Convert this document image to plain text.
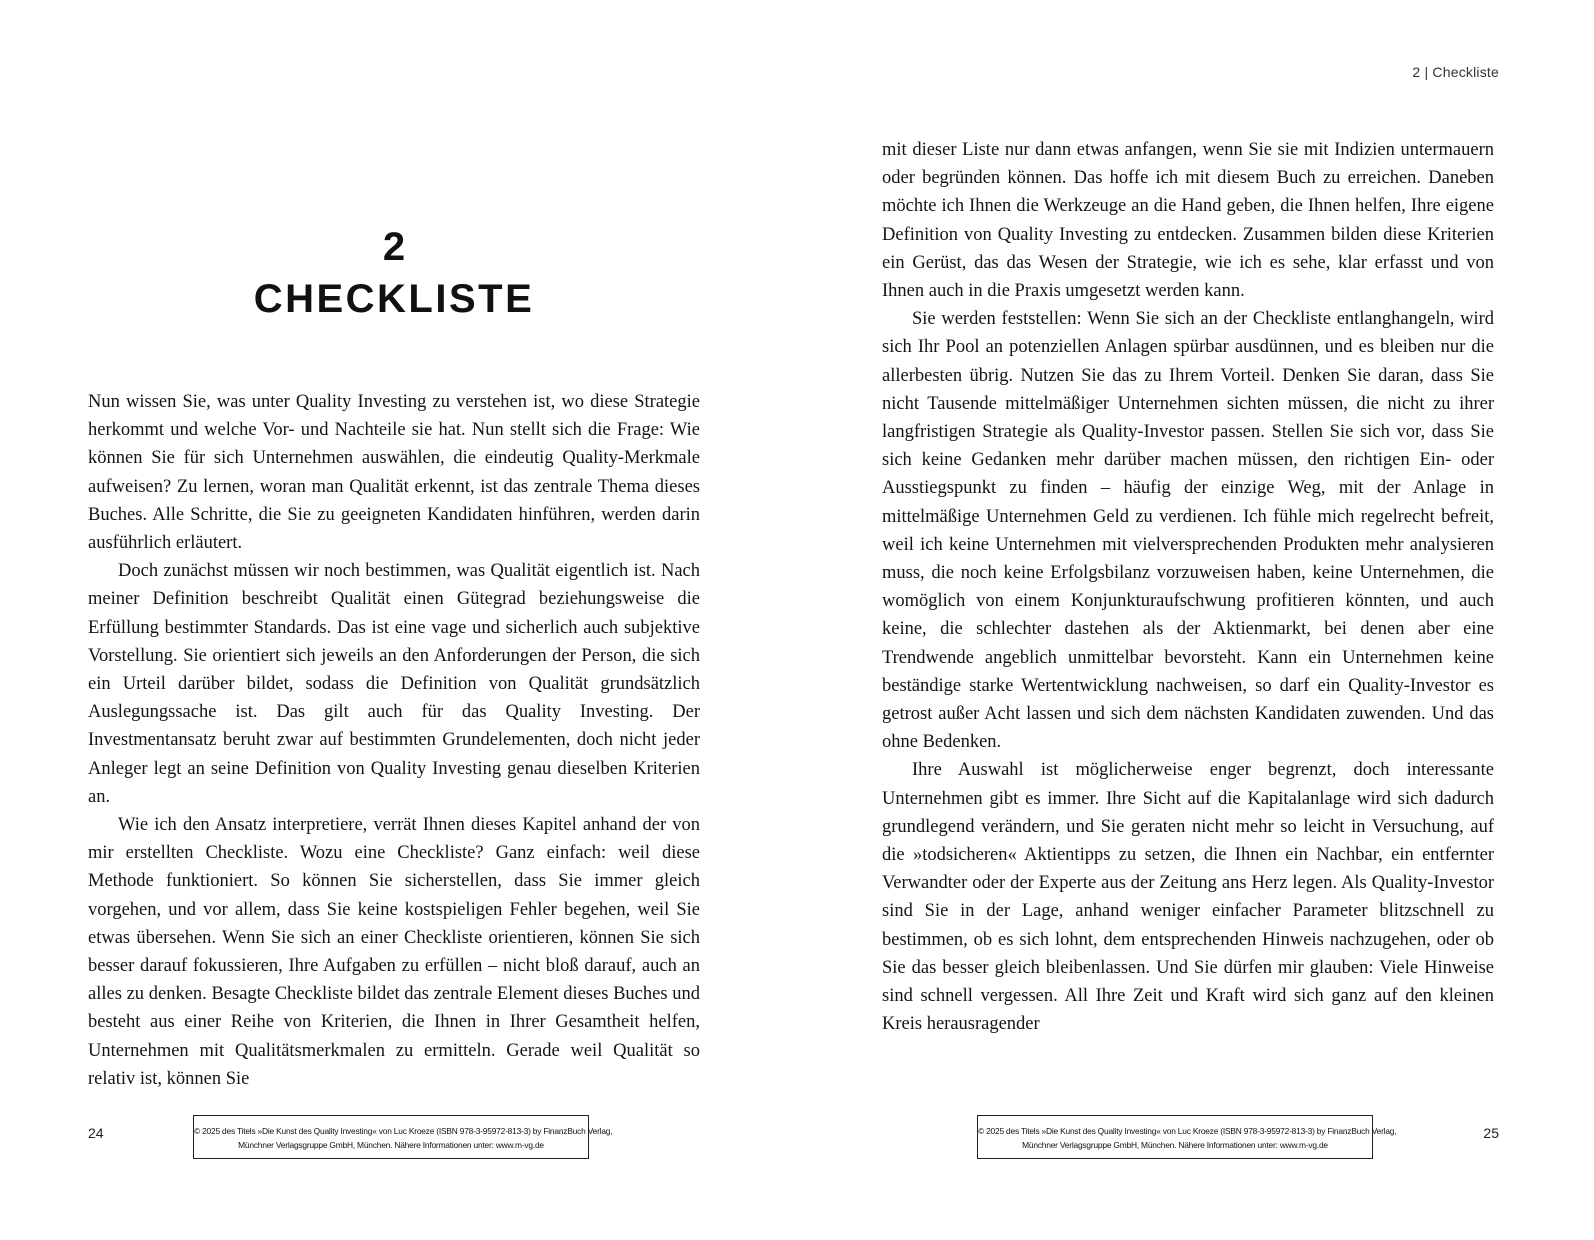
2
CHECKLISTE

Nun wissen Sie, was unter Quality Investing zu verstehen ist, wo diese Strategie herkommt und welche Vor- und Nachteile sie hat. Nun stellt sich die Frage: Wie können Sie für sich Unternehmen auswählen, die eindeutig Quality-Merkmale aufweisen? Zu lernen, woran man Qualität erkennt, ist das zentrale Thema dieses Buches. Alle Schritte, die Sie zu geeigneten Kandidaten hinführen, werden darin ausführlich erläutert.

Doch zunächst müssen wir noch bestimmen, was Qualität eigentlich ist. Nach meiner Definition beschreibt Qualität einen Gütegrad beziehungsweise die Erfüllung bestimmter Standards. Das ist eine vage und sicherlich auch subjektive Vorstellung. Sie orientiert sich jeweils an den Anforderungen der Person, die sich ein Urteil darüber bildet, sodass die Definition von Qualität grundsätzlich Auslegungssache ist. Das gilt auch für das Quality Investing. Der Investmentansatz beruht zwar auf bestimmten Grundelementen, doch nicht jeder Anleger legt an seine Definition von Quality Investing genau dieselben Kriterien an.

Wie ich den Ansatz interpretiere, verrät Ihnen dieses Kapitel anhand der von mir erstellten Checkliste. Wozu eine Checkliste? Ganz einfach: weil diese Methode funktioniert. So können Sie sicherstellen, dass Sie immer gleich vorgehen, und vor allem, dass Sie keine kostspieligen Fehler begehen, weil Sie etwas übersehen. Wenn Sie sich an einer Checkliste orientieren, können Sie sich besser darauf fokussieren, Ihre Aufgaben zu erfüllen – nicht bloß darauf, auch an alles zu denken. Besagte Checkliste bildet das zentrale Element dieses Buches und besteht aus einer Reihe von Kriterien, die Ihnen in Ihrer Gesamtheit helfen, Unternehmen mit Qualitätsmerkmalen zu ermitteln. Gerade weil Qualität so relativ ist, können Sie

24	© 2025 des Titels »Die Kunst des Quality Investing« von Luc Kroeze (ISBN 978-3-95972-813-3) by FinanzBuch Verlag,
Münchner Verlagsgruppe GmbH, München. Nähere Informationen unter: www.m-vg.de
2 | Checkliste

mit dieser Liste nur dann etwas anfangen, wenn Sie sie mit Indizien untermauern oder begründen können. Das hoffe ich mit diesem Buch zu erreichen. Daneben möchte ich Ihnen die Werkzeuge an die Hand geben, die Ihnen helfen, Ihre eigene Definition von Quality Investing zu entdecken. Zusammen bilden diese Kriterien ein Gerüst, das das Wesen der Strategie, wie ich es sehe, klar erfasst und von Ihnen auch in die Praxis umgesetzt werden kann.

Sie werden feststellen: Wenn Sie sich an der Checkliste entlanghangeln, wird sich Ihr Pool an potenziellen Anlagen spürbar ausdünnen, und es bleiben nur die allerbesten übrig. Nutzen Sie das zu Ihrem Vorteil. Denken Sie daran, dass Sie nicht Tausende mittelmäßiger Unternehmen sichten müssen, die nicht zu ihrer langfristigen Strategie als Quality-Investor passen. Stellen Sie sich vor, dass Sie sich keine Gedanken mehr darüber machen müssen, den richtigen Ein- oder Ausstiegspunkt zu finden – häufig der einzige Weg, mit der Anlage in mittelmäßige Unternehmen Geld zu verdienen. Ich fühle mich regelrecht befreit, weil ich keine Unternehmen mit vielversprechenden Produkten mehr analysieren muss, die noch keine Erfolgsbilanz vorzuweisen haben, keine Unternehmen, die womöglich von einem Konjunkturaufschwung profitieren könnten, und auch keine, die schlechter dastehen als der Aktienmarkt, bei denen aber eine Trendwende angeblich unmittelbar bevorsteht. Kann ein Unternehmen keine beständige starke Wertentwicklung nachweisen, so darf ein Quality-Investor es getrost außer Acht lassen und sich dem nächsten Kandidaten zuwenden. Und das ohne Bedenken.

Ihre Auswahl ist möglicherweise enger begrenzt, doch interessante Unternehmen gibt es immer. Ihre Sicht auf die Kapitalanlage wird sich dadurch grundlegend verändern, und Sie geraten nicht mehr so leicht in Versuchung, auf die »todsicheren« Aktientipps zu setzen, die Ihnen ein Nachbar, ein entfernter Verwandter oder der Experte aus der Zeitung ans Herz legen. Als Quality-Investor sind Sie in der Lage, anhand weniger einfacher Parameter blitzschnell zu bestimmen, ob es sich lohnt, dem entsprechenden Hinweis nachzugehen, oder ob Sie das besser gleich bleibenlassen. Und Sie dürfen mir glauben: Viele Hinweise sind schnell vergessen. All Ihre Zeit und Kraft wird sich ganz auf den kleinen Kreis herausragender

© 2025 des Titels »Die Kunst des Quality Investing« von Luc Kroeze (ISBN 978-3-95972-813-3) by FinanzBuch Verlag,
Münchner Verlagsgruppe GmbH, München. Nähere Informationen unter: www.m-vg.de
25
